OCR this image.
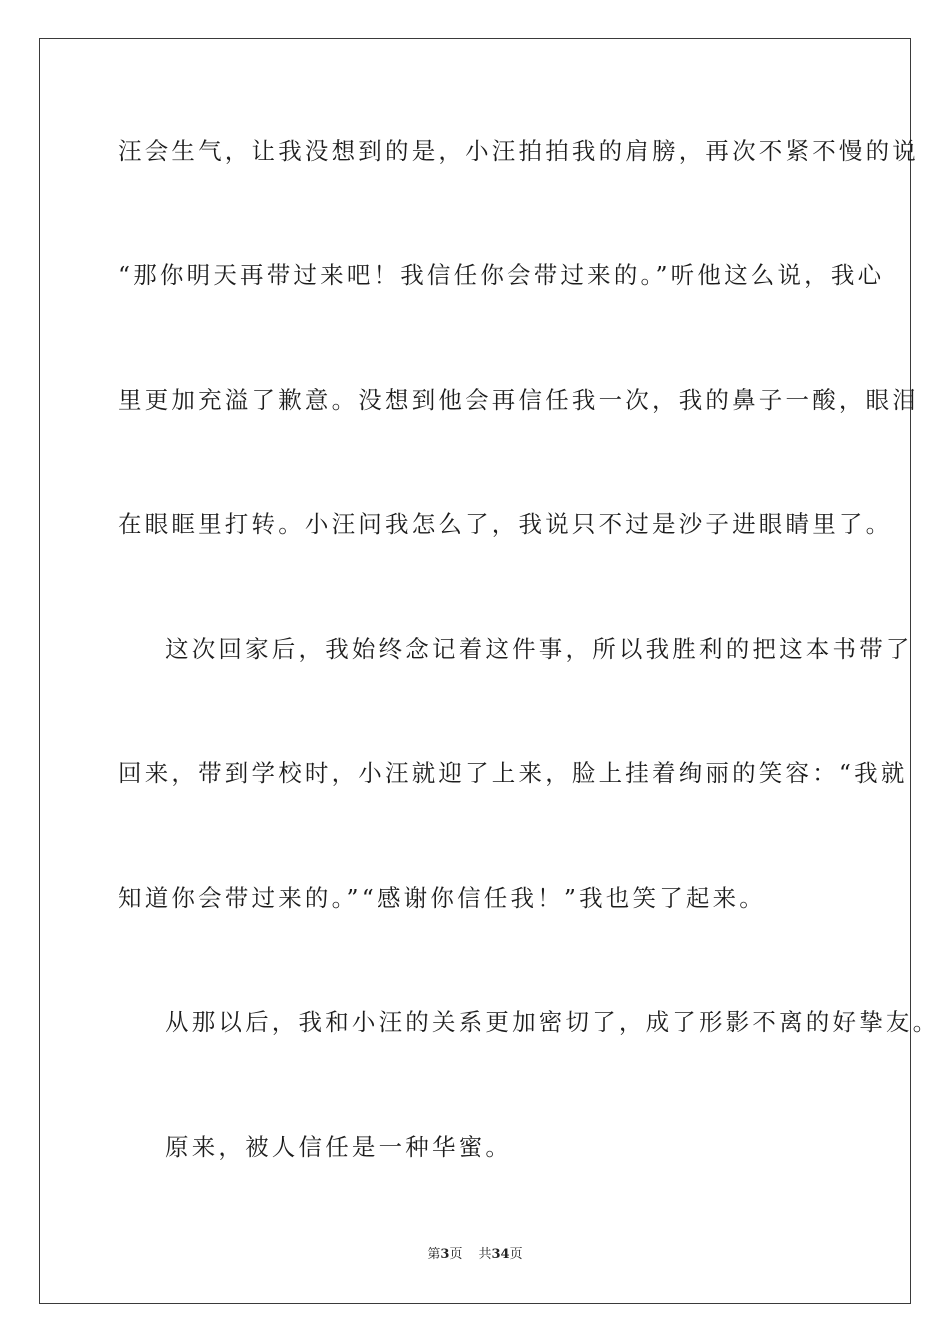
汪会生气，让我没想到的是，小汪拍拍我的肩膀，再次不紧不慢的说
“那你明天再带过来吧！我信任你会带过来的。”听他这么说，我心
里更加充溢了歉意。没想到他会再信任我一次，我的鼻子一酸，眼泪
在眼眶里打转。小汪问我怎么了，我说只不过是沙子进眼睛里了。
这次回家后，我始终念记着这件事，所以我胜利的把这本书带了
回来，带到学校时，小汪就迎了上来，脸上挂着绚丽的笑容：“我就
知道你会带过来的。”“感谢你信任我！”我也笑了起来。
从那以后，我和小汪的关系更加密切了，成了形影不离的好挚友。
原来，被人信任是一种华蜜。
第3页 共34页
